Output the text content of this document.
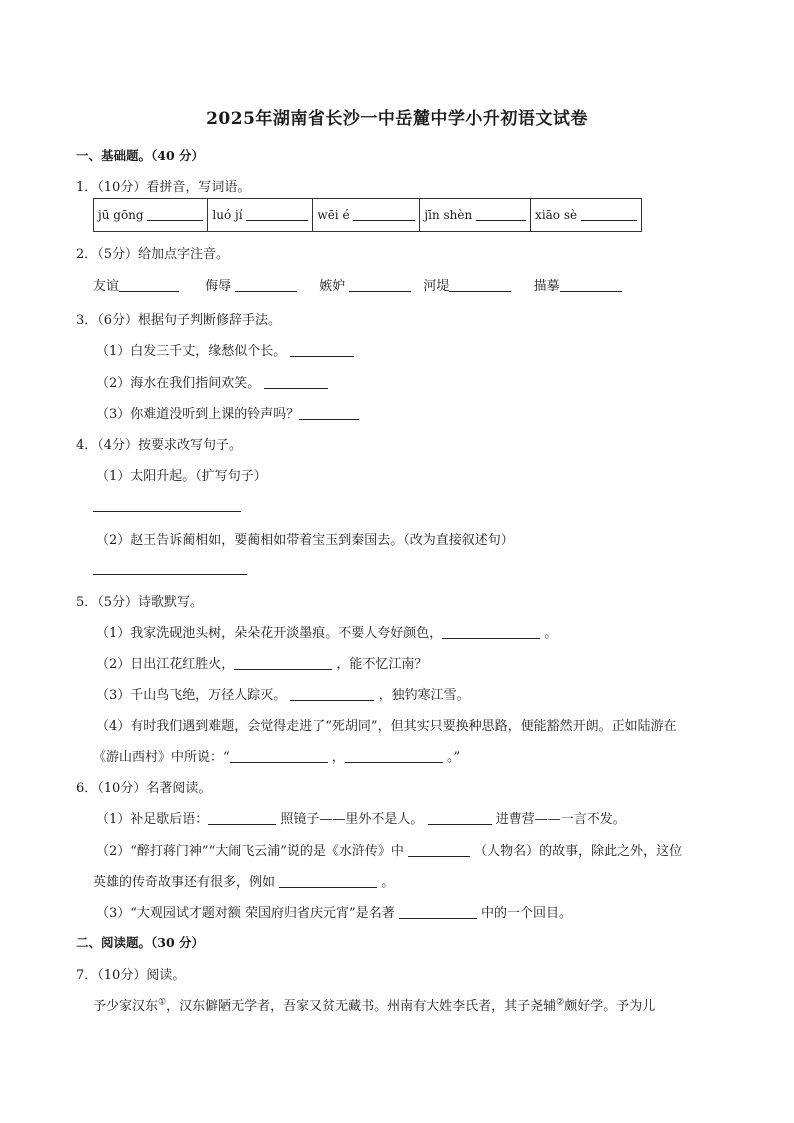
2025年湖南省长沙一中岳麓中学小升初语文试卷
一、基础题。（40 分）
1．（10分）看拼音，写词语。
jū gōng	luó jí	wēi é	jīn shèn	xiāo sè
2．（5分）给加点字注音。
友谊	侮辱	嫉妒	河堤	描摹
3．（6分）根据句子判断修辞手法。
（1）白发三千丈，缘愁似个长。
（2）海水在我们指间欢笑。
（3）你难道没听到上课的铃声吗？
4．（4分）按要求改写句子。
（1）太阳升起。（扩写句子）
（2）赵王告诉蔺相如，要蔺相如带着宝玉到秦国去。（改为直接叙述句）
5．（5分）诗歌默写。
（1）我家洗砚池头树，朵朵花开淡墨痕。不要人夸好颜色，	。
（2）日出江花红胜火，	，能不忆江南？
（3）千山鸟飞绝，万径人踪灭。	，独钓寒江雪。
（4）有时我们遇到难题，会觉得走进了“死胡同”，但其实只要换种思路，便能豁然开朗。正如陆游在
《游山西村》中所说：“	，	。”
6．（10分）名著阅读。
（1）补足歇后语：	照镜子——里外不是人。	进曹营——一言不发。
（2）“醉打蒋门神”“大闹飞云浦”说的是《水浒传》中	（人物名）的故事，除此之外，这位
英雄的传奇故事还有很多，例如	。
（3）“大观园试才题对额 荣国府归省庆元宵”是名著	中的一个回目。
二、阅读题。（30 分）
7．（10分）阅读。
予少家汉东①，汉东僻陋无学者，吾家又贫无藏书。州南有大姓李氏者，其子尧辅②颇好学。予为儿
